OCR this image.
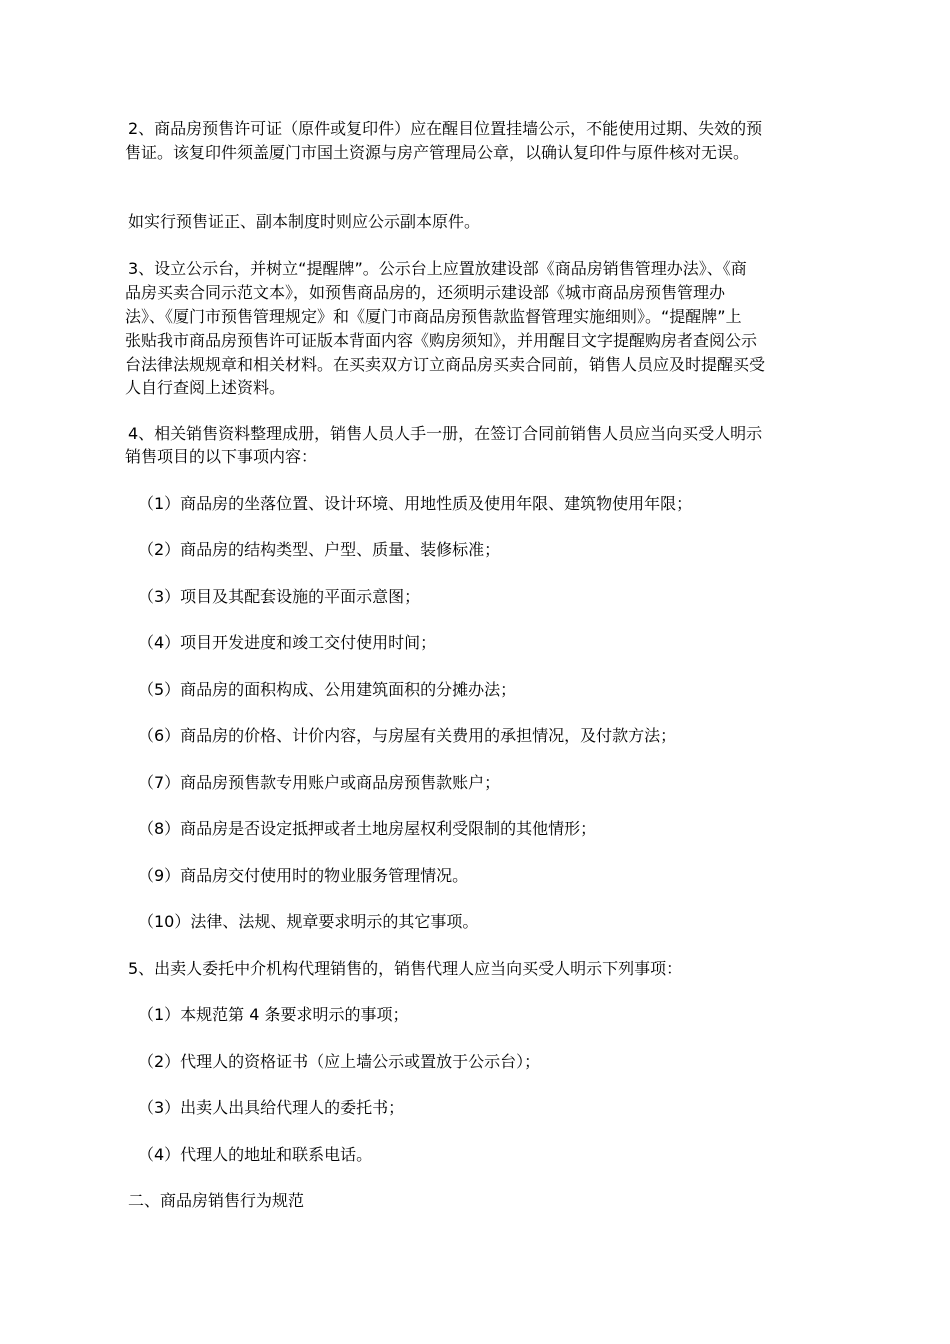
2、商品房预售许可证（原件或复印件）应在醒目位置挂墙公示，不能使用过期、失效的预
售证。该复印件须盖厦门市国土资源与房产管理局公章，以确认复印件与原件核对无误。
如实行预售证正、副本制度时则应公示副本原件。
3、设立公示台，并树立“提醒牌”。公示台上应置放建设部《商品房销售管理办法》、《商
品房买卖合同示范文本》，如预售商品房的，还须明示建设部《城市商品房预售管理办
法》、《厦门市预售管理规定》和《厦门市商品房预售款监督管理实施细则》。“提醒牌”上
张贴我市商品房预售许可证版本背面内容《购房须知》，并用醒目文字提醒购房者查阅公示
台法律法规规章和相关材料。在买卖双方订立商品房买卖合同前，销售人员应及时提醒买受
人自行查阅上述资料。
4、相关销售资料整理成册，销售人员人手一册，在签订合同前销售人员应当向买受人明示
销售项目的以下事项内容：
（1）商品房的坐落位置、设计环境、用地性质及使用年限、建筑物使用年限；
（2）商品房的结构类型、户型、质量、装修标准；
（3）项目及其配套设施的平面示意图；
（4）项目开发进度和竣工交付使用时间；
（5）商品房的面积构成、公用建筑面积的分摊办法；
（6）商品房的价格、计价内容，与房屋有关费用的承担情况，及付款方法；
（7）商品房预售款专用账户或商品房预售款账户；
（8）商品房是否设定抵押或者土地房屋权利受限制的其他情形；
（9）商品房交付使用时的物业服务管理情况。
（10）法律、法规、规章要求明示的其它事项。
5、出卖人委托中介机构代理销售的，销售代理人应当向买受人明示下列事项：
（1）本规范第 4 条要求明示的事项；
（2）代理人的资格证书（应上墙公示或置放于公示台）；
（3）出卖人出具给代理人的委托书；
（4）代理人的地址和联系电话。
二、商品房销售行为规范
